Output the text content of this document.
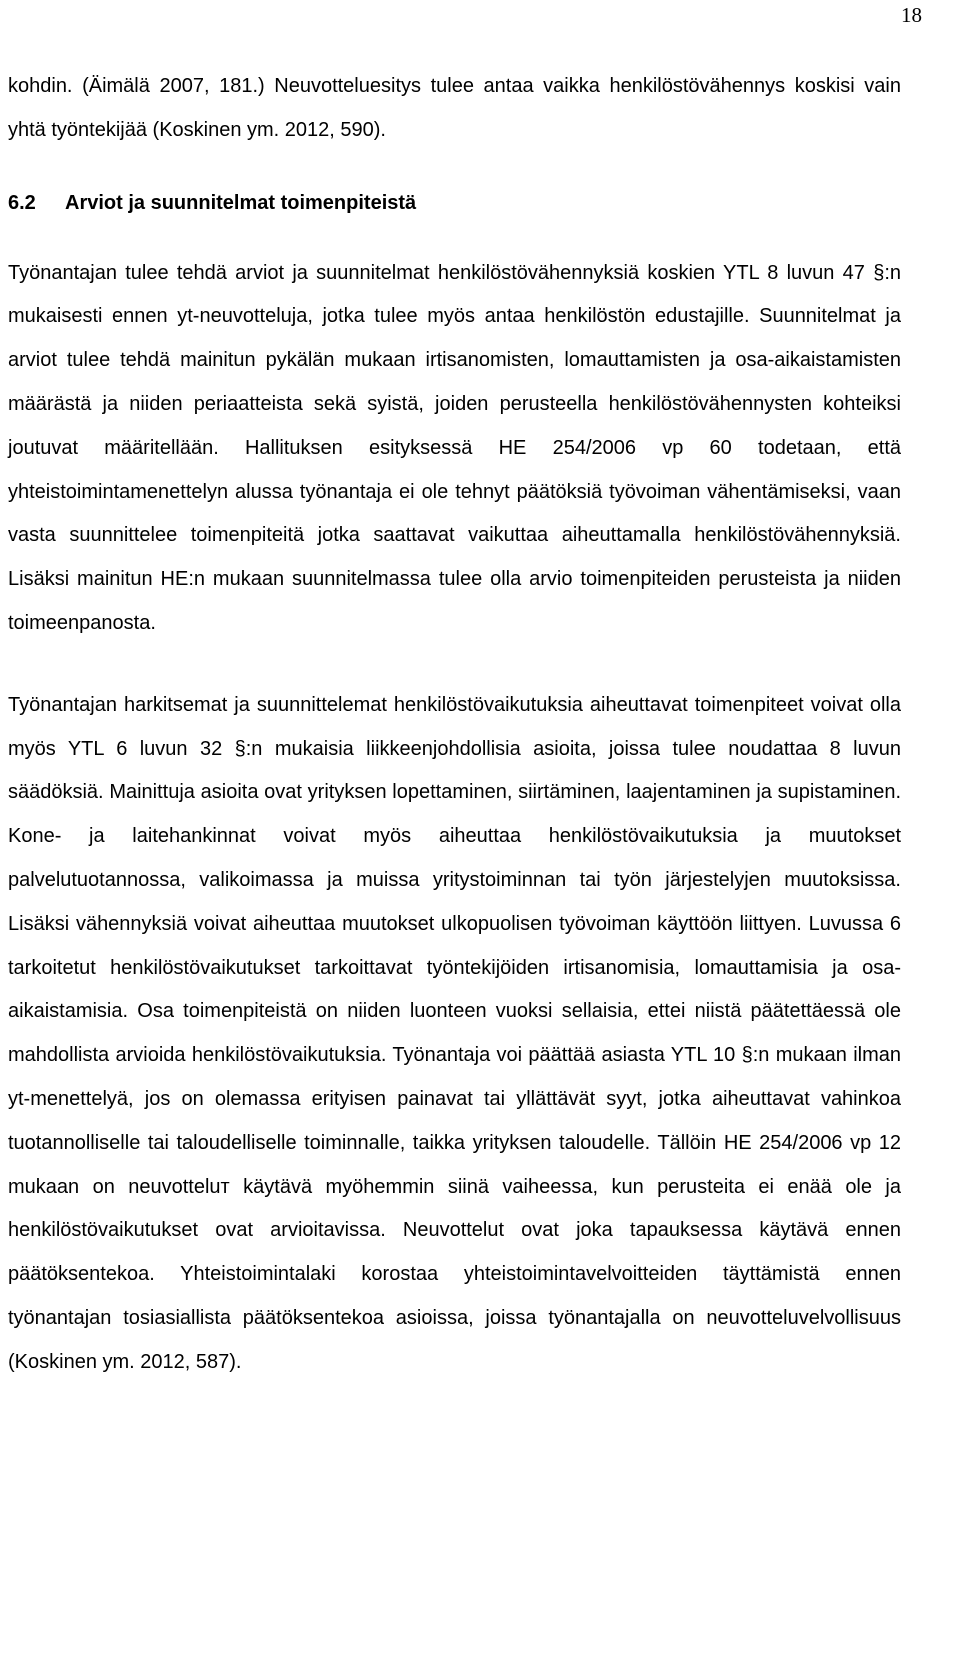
18

kohdin. (Äimälä 2007, 181.) Neuvotteluesitys tulee antaa vaikka henkilöstövähennys koskisi vain yhtä työntekijää (Koskinen ym. 2012, 590).

6.2 Arviot ja suunnitelmat toimenpiteistä

Työnantajan tulee tehdä arviot ja suunnitelmat henkilöstövähennyksiä koskien YTL 8 luvun 47 §:n mukaisesti ennen yt-neuvotteluja, jotka tulee myös antaa henkilöstön edustajille. Suunnitelmat ja arviot tulee tehdä mainitun pykälän mukaan irtisanomisten, lomauttamisten ja osa-aikaistamisten määrästä ja niiden periaatteista sekä syistä, joiden perusteella henkilöstövähennysten kohteiksi joutuvat määritellään. Hallituksen esityksessä HE 254/2006 vp 60 todetaan, että yhteistoimintamenettelyn alussa työnantaja ei ole tehnyt päätöksiä työvoiman vähentämiseksi, vaan vasta suunnittelee toimenpiteitä jotka saattavat vaikuttaa aiheuttamalla henkilöstövähennyksiä. Lisäksi mainitun HE:n mukaan suunnitelmassa tulee olla arvio toimenpiteiden perusteista ja niiden toimeenpanosta.

Työnantajan harkitsemat ja suunnittelemat henkilöstövaikutuksia aiheuttavat toimenpiteet voivat olla myös YTL 6 luvun 32 §:n mukaisia liikkeenjohdollisia asioita, joissa tulee noudattaa 8 luvun säädöksiä. Mainittuja asioita ovat yrityksen lopettaminen, siirtäminen, laajentaminen ja supistaminen. Kone- ja laitehankinnat voivat myös aiheuttaa henkilöstövaikutuksia ja muutokset palvelutuotannossa, valikoimassa ja muissa yritystoiminnan tai työn järjestelyjen muutoksissa. Lisäksi vähennyksiä voivat aiheuttaa muutokset ulkopuolisen työvoiman käyttöön liittyen. Luvussa 6 tarkoitetut henkilöstövaikutukset tarkoittavat työntekijöiden irtisanomisia, lomauttamisia ja osa-aikaistamisia. Osa toimenpiteistä on niiden luonteen vuoksi sellaisia, ettei niistä päätettäessä ole mahdollista arvioida henkilöstövaikutuksia. Työnantaja voi päättää asiasta YTL 10 §:n mukaan ilman yt-menettelyä, jos on olemassa erityisen painavat tai yllättävät syyt, jotka aiheuttavat vahinkoa tuotannolliselle tai taloudelliselle toiminnalle, taikka yrityksen taloudelle. Tällöin HE 254/2006 vp 12 mukaan on neuvotteluт käytävä myöhemmin siinä vaiheessa, kun perusteita ei enää ole ja henkilöstövaikutukset ovat arvioitavissa. Neuvottelut ovat joka tapauksessa käytävä ennen päätöksentekoa. Yhteistoimintalaki korostaa yhteistoimintavelvoitteiden täyttämistä ennen työnantajan tosiasiallista päätöksentekoa asioissa, joissa työnantajalla on neuvotteluvelvollisuus (Koskinen ym. 2012, 587).
